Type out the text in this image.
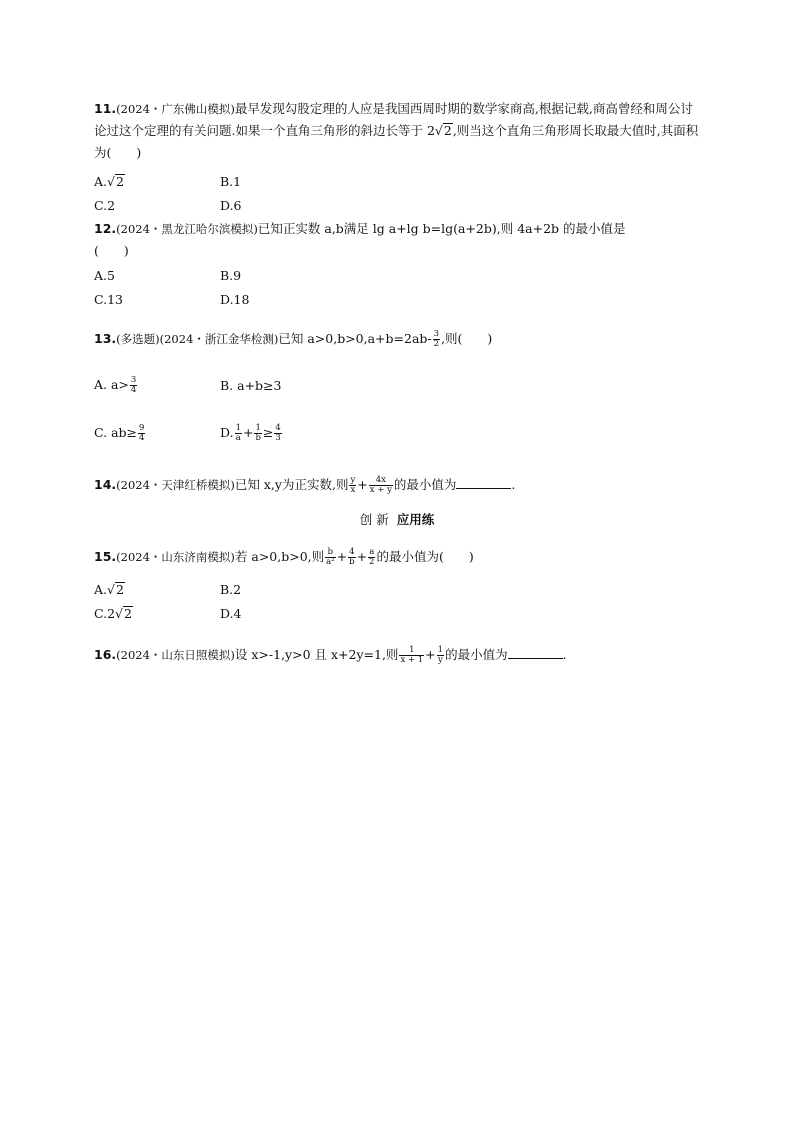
11.(2024・广东佛山模拟)最早发现勾股定理的人应是我国西周时期的数学家商高,根据记载,商高曾经和周公讨论过这个定理的有关问题.如果一个直角三角形的斜边长等于 2√2,则当这个直角三角形周长取最大值时,其面积为(　　)
A.√2	B.1
C.2	D.6
12.(2024・黑龙江哈尔滨模拟)已知正实数 a,b满足 lg a+lg b=lg(a+2b),则 4a+2b 的最小值是
(　　)
A.5	B.9
C.13	D.18
13.(多选题)(2024・浙江金华检测)已知 $a>0,b>0,a+b=2ab- \frac{3}{2}$ ,则(　　)
A. $a> \frac{3}{4}$	B. a+b≥3
C. $ab\ge \frac{9}{4}$	D. $\frac{1}{a} + \frac{1}{b} \ge \frac{4}{3}$
14.(2024・天津红桥模拟)已知 x,y为正实数,则 $\frac{y}{x} + \frac{4x}{x + y}$ 的最小值为	.
创 新 应用练
15.(2024・山东济南模拟)若 a>0,b>0,则 $\frac{b}{\text{a²}} + \frac{4}{b} + \frac{a}{2}$ 的最小值为(　　)
A.√2	B.2
C.2√2	D.4
16.(2024・山东日照模拟)设 x>-1,y>0 且 x+2y=1,则 $\frac{1}{x + 1} + \frac{1}{y}$ 的最小值为	.
